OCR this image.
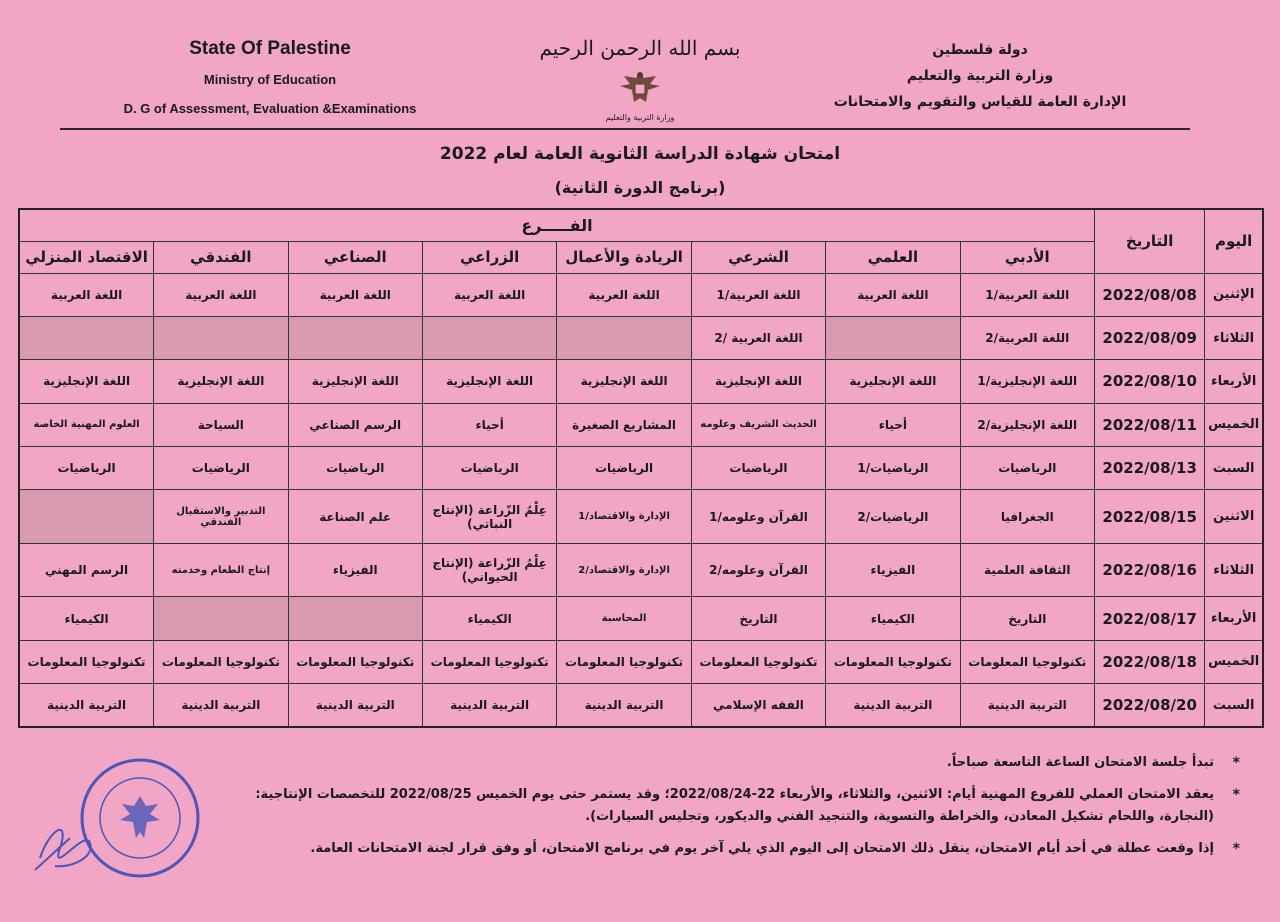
State Of Palestine
Ministry of Education
D. G of Assessment, Evaluation &Examinations
بسم الله الرحمن الرحيم
وزارة التربية والتعليم
دولة فلسطين
وزارة التربية والتعليم
الإدارة العامة للقياس والتقويم والامتحانات
امتحان شهادة الدراسة الثانوية العامة لعام 2022
(برنامج الدورة الثانية)
اليوم	التاريخ	الفـــــرع							
		الأدبي	العلمي	الشرعي	الريادة والأعمال	الزراعي	الصناعي	الفندقي	الاقتصاد المنزلي
الإثنين	2022/08/08	اللغة العربية/1	اللغة العربية	اللغة العربية/1	اللغة العربية	اللغة العربية	اللغة العربية	اللغة العربية	اللغة العربية
الثلاثاء	2022/08/09	اللغة العربية/2		اللغة العربية /2					
الأربعاء	2022/08/10	اللغة الإنجليزية/1	اللغة الإنجليزية	اللغة الإنجليزية	اللغة الإنجليزية	اللغة الإنجليزية	اللغة الإنجليزية	اللغة الإنجليزية	اللغة الإنجليزية
الخميس	2022/08/11	اللغة الإنجليزية/2	أحياء	الحديث الشريف وعلومه	المشاريع الصغيرة	أحياء	الرسم الصناعي	السياحة	العلوم المهنية الخاصة
السبت	2022/08/13	الرياضيات	الرياضيات/1	الرياضيات	الرياضيات	الرياضيات	الرياضيات	الرياضيات	الرياضيات
الاثنين	2022/08/15	الجغرافيا	الرياضيات/2	القرآن وعلومه/1	الإدارة والاقتصاد/1	عِلْمُ الزّراعة (الإنتاج النباتي)	علم الصناعة	التدبير والاستقبال الفندقي	
الثلاثاء	2022/08/16	الثقافة العلمية	الفيزياء	القرآن وعلومه/2	الإدارة والاقتصاد/2	عِلْمُ الزّراعة (الإنتاج الحيواني)	الفيزياء	إنتاج الطعام وخدمته	الرسم المهني
الأربعاء	2022/08/17	التاريخ	الكيمياء	التاريخ	المحاسبة	الكيمياء			الكيمياء
الخميس	2022/08/18	تكنولوجيا المعلومات	تكنولوجيا المعلومات	تكنولوجيا المعلومات	تكنولوجيا المعلومات	تكنولوجيا المعلومات	تكنولوجيا المعلومات	تكنولوجيا المعلومات	تكنولوجيا المعلومات
السبت	2022/08/20	التربية الدينية	التربية الدينية	الفقه الإسلامي	التربية الدينية	التربية الدينية	التربية الدينية	التربية الدينية	التربية الدينية
*
تبدأ جلسة الامتحان الساعة التاسعة صباحاً.
*
يعقد الامتحان العملي للفروع المهنية أيام: الاثنين، والثلاثاء، والأربعاء 22-2022/08/24؛ وقد يستمر حتى يوم الخميس 2022/08/25 للتخصصات الإنتاجية:
(النجارة، واللحام تشكيل المعادن، والخراطة والتسوية، والتنجيد الفني والديكور، وتجليس السيارات).
*
إذا وقعت عطلة في أحد أيام الامتحان، ينقل ذلك الامتحان إلى اليوم الذي يلي آخر يوم في برنامج الامتحان، أو وفق قرار لجنة الامتحانات العامة.
